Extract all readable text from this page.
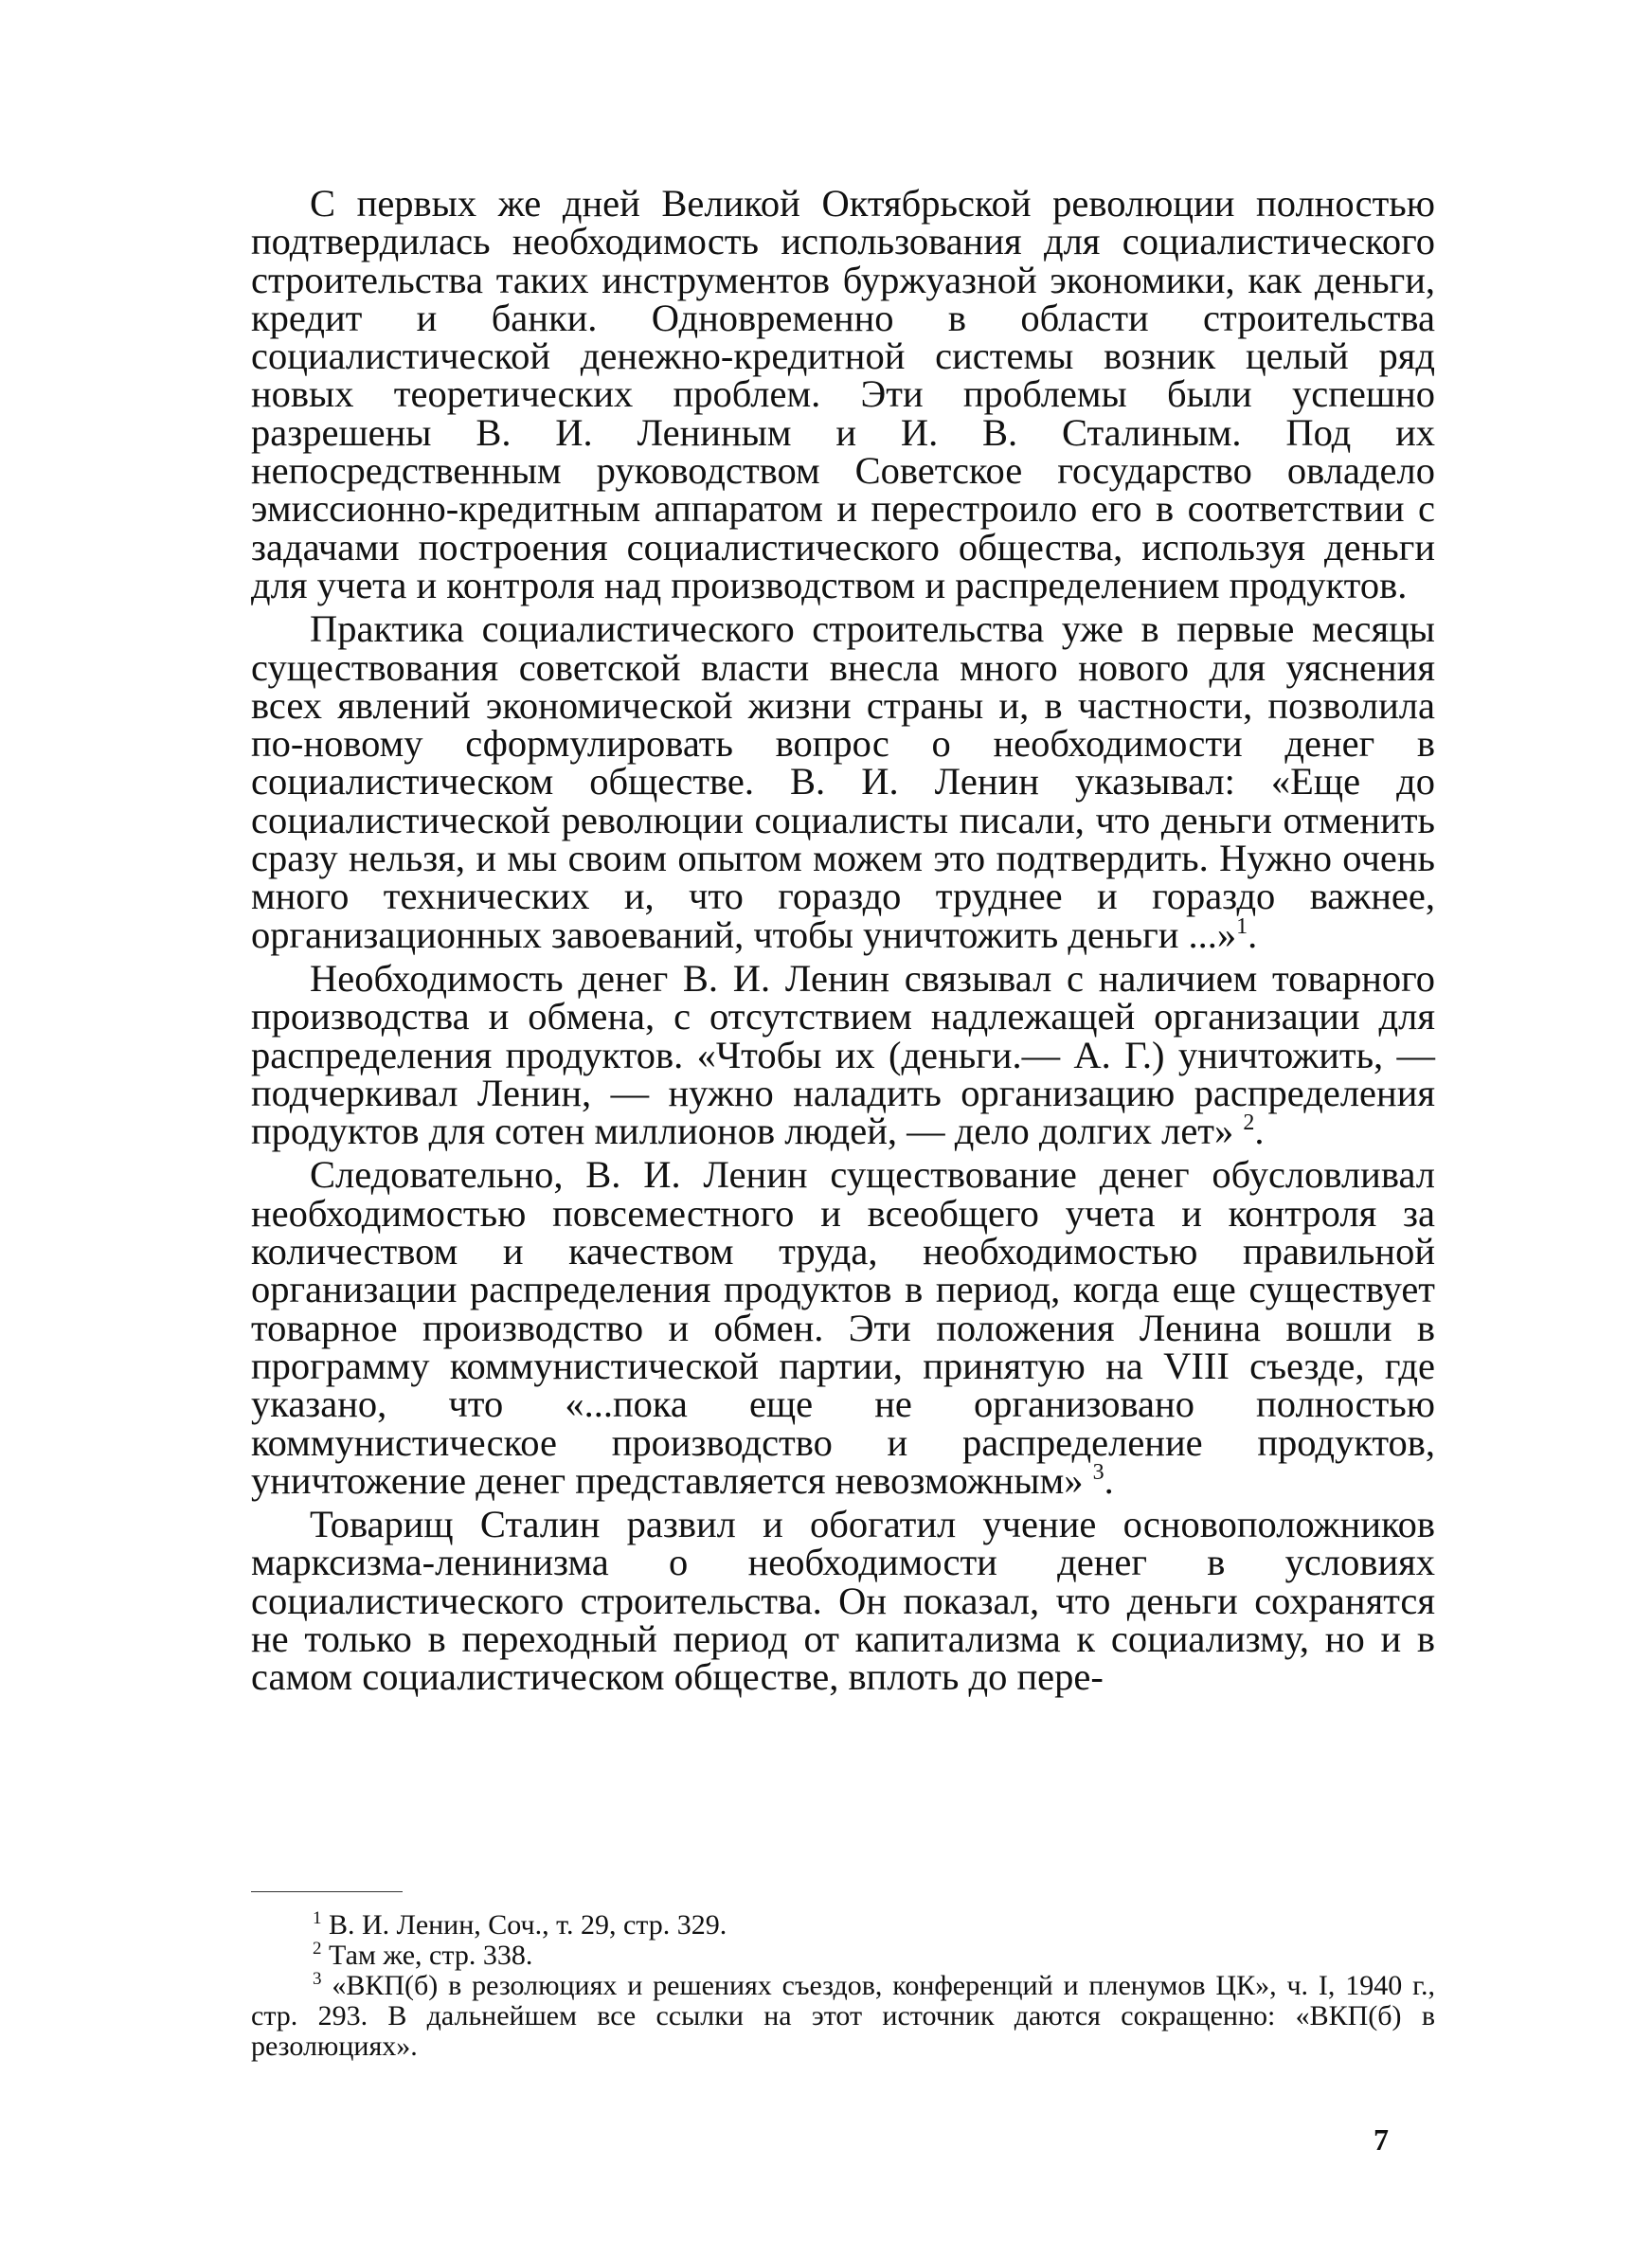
С первых же дней Великой Октябрьской революции полностью подтвердилась необходимость использования для социалистического строительства таких инструментов буржуазной экономики, как деньги, кредит и банки. Одновременно в области строительства социалистической денежно-кредитной системы возник целый ряд новых теоретических проблем. Эти проблемы были успешно разрешены В. И. Лениным и И. В. Сталиным. Под их непосредственным руководством Советское государство овладело эмиссионно-кредитным аппаратом и перестроило его в соответствии с задачами построения социалистического общества, используя деньги для учета и контроля над производством и распределением продуктов.

Практика социалистического строительства уже в первые месяцы существования советской власти внесла много нового для уяснения всех явлений экономической жизни страны и, в частности, позволила по-новому сформулировать вопрос о необходимости денег в социалистическом обществе. В. И. Ленин указывал: «Еще до социалистической революции социалисты писали, что деньги отменить сразу нельзя, и мы своим опытом можем это подтвердить. Нужно очень много технических и, что гораздо труднее и гораздо важнее, организационных завоеваний, чтобы уничтожить деньги ...»$^1$.

Необходимость денег В. И. Ленин связывал с наличием товарного производства и обмена, с отсутствием надлежащей организации для распределения продуктов. «Чтобы их (деньги.— А. Г.) уничтожить, — подчеркивал Ленин, — нужно наладить организацию распределения продуктов для сотен миллионов людей, — дело долгих лет» $^2$.

Следовательно, В. И. Ленин существование денег обусловливал необходимостью повсеместного и всеобщего учета и контроля за количеством и качеством труда, необходимостью правильной организации распределения продуктов в период, когда еще существует товарное производство и обмен. Эти положения Ленина вошли в программу коммунистической партии, принятую на VIII съезде, где указано, что «...пока еще не организовано полностью коммунистическое производство и распределение продуктов, уничтожение денег представляется невозможным» $^3$.

Товарищ Сталин развил и обогатил учение основоположников марксизма-ленинизма о необходимости денег в условиях социалистического строительства. Он показал, что деньги сохранятся не только в переходный период от капитализма к социализму, но и в самом социалистическом обществе, вплоть до пере-

$^1$ В. И. Ленин, Соч., т. 29, стр. 329.

$^2$ Там же, стр. 338.

$^3$ «ВКП(б) в резолюциях и решениях съездов, конференций и пленумов ЦК», ч. I, 1940 г., стр. 293. В дальнейшем все ссылки на этот источник даются сокращенно: «ВКП(б) в резолюциях».

7
